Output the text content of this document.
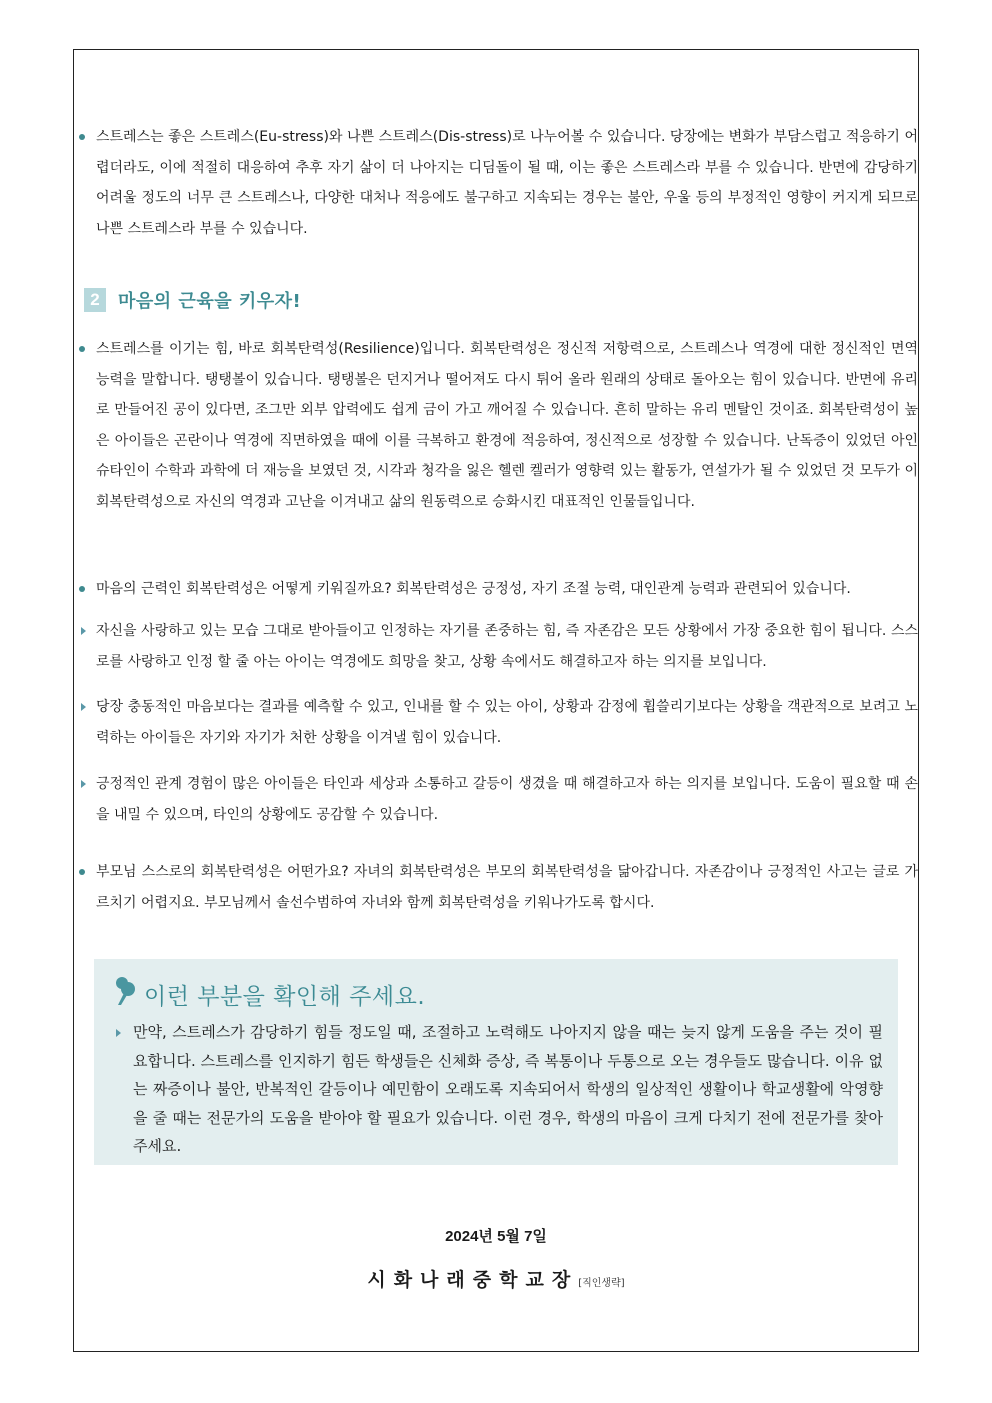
스트레스는 좋은 스트레스(Eu-stress)와 나쁜 스트레스(Dis-stress)로 나누어볼 수 있습니다. 당장에는 변화가 부담스럽고 적응하기 어렵더라도, 이에 적절히 대응하여 추후 자기 삶이 더 나아지는 디딤돌이 될 때, 이는 좋은 스트레스라 부를 수 있습니다. 반면에 감당하기 어려울 정도의 너무 큰 스트레스나, 다양한 대처나 적응에도 불구하고 지속되는 경우는 불안, 우울 등의 부정적인 영향이 커지게 되므로 나쁜 스트레스라 부를 수 있습니다.
2	마음의 근육을 키우자!
스트레스를 이기는 힘, 바로 회복탄력성(Resilience)입니다. 회복탄력성은 정신적 저항력으로, 스트레스나 역경에 대한 정신적인 면역능력을 말합니다. 탱탱볼이 있습니다. 탱탱볼은 던지거나 떨어져도 다시 튀어 올라 원래의 상태로 돌아오는 힘이 있습니다. 반면에 유리로 만들어진 공이 있다면, 조그만 외부 압력에도 쉽게 금이 가고 깨어질 수 있습니다. 흔히 말하는 유리 멘탈인 것이죠. 회복탄력성이 높은 아이들은 곤란이나 역경에 직면하였을 때에 이를 극복하고 환경에 적응하여, 정신적으로 성장할 수 있습니다. 난독증이 있었던 아인슈타인이 수학과 과학에 더 재능을 보였던 것, 시각과 청각을 잃은 헬렌 켈러가 영향력 있는 활동가, 연설가가 될 수 있었던 것 모두가 이 회복탄력성으로 자신의 역경과 고난을 이겨내고 삶의 원동력으로 승화시킨 대표적인 인물들입니다.
마음의 근력인 회복탄력성은 어떻게 키워질까요? 회복탄력성은 긍정성, 자기 조절 능력, 대인관계 능력과 관련되어 있습니다.
자신을 사랑하고 있는 모습 그대로 받아들이고 인정하는 자기를 존중하는 힘, 즉 자존감은 모든 상황에서 가장 중요한 힘이 됩니다. 스스로를 사랑하고 인정 할 줄 아는 아이는 역경에도 희망을 찾고, 상황 속에서도 해결하고자 하는 의지를 보입니다.
당장 충동적인 마음보다는 결과를 예측할 수 있고, 인내를 할 수 있는 아이, 상황과 감정에 휩쓸리기보다는 상황을 객관적으로 보려고 노력하는 아이들은 자기와 자기가 처한 상황을 이겨낼 힘이 있습니다.
긍정적인 관계 경험이 많은 아이들은 타인과 세상과 소통하고 갈등이 생겼을 때 해결하고자 하는 의지를 보입니다. 도움이 필요할 때 손을 내밀 수 있으며, 타인의 상황에도 공감할 수 있습니다.
부모님 스스로의 회복탄력성은 어떤가요? 자녀의 회복탄력성은 부모의 회복탄력성을 닮아갑니다. 자존감이나 긍정적인 사고는 글로 가르치기 어렵지요. 부모님께서 솔선수범하여 자녀와 함께 회복탄력성을 키워나가도록 합시다.
이런 부분을 확인해 주세요.
만약, 스트레스가 감당하기 힘들 정도일 때, 조절하고 노력해도 나아지지 않을 때는 늦지 않게 도움을 주는 것이 필요합니다. 스트레스를 인지하기 힘든 학생들은 신체화 증상, 즉 복통이나 두통으로 오는 경우들도 많습니다. 이유 없는 짜증이나 불안, 반복적인 갈등이나 예민함이 오래도록 지속되어서 학생의 일상적인 생활이나 학교생활에 악영향을 줄 때는 전문가의 도움을 받아야 할 필요가 있습니다. 이런 경우, 학생의 마음이 크게 다치기 전에 전문가를 찾아주세요.
2024년 5월 7일
시화나래중학교장[직인생략]
